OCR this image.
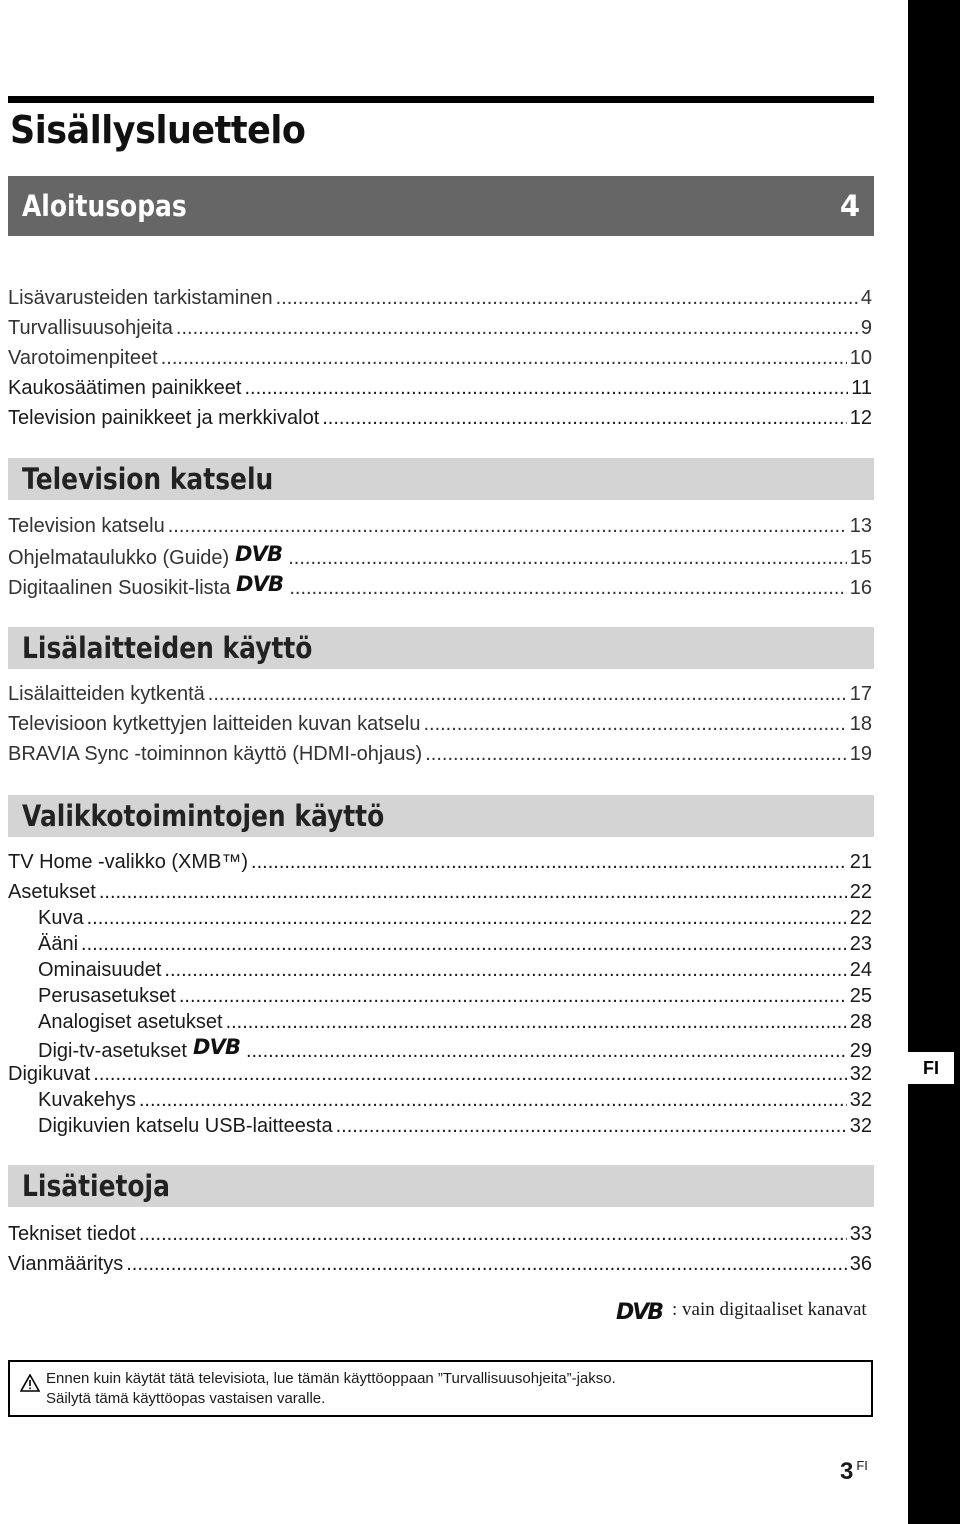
FI
Sisällysluettelo
Aloitusopas	4
Lisävarusteiden tarkistaminen .....	4
Turvallisuusohjeita .....	9
Varotoimenpiteet .....	10
Kaukosäätimen painikkeet .....	11
Television painikkeet ja merkkivalot .....	12
Television katselu
Television katselu .....	13
Ohjelmataulukko (Guide) DVB .....	15
Digitaalinen Suosikit-lista DVB .....	16
Lisälaitteiden käyttö
Lisälaitteiden kytkentä .....	17
Televisioon kytkettyjen laitteiden kuvan katselu .....	18
BRAVIA Sync -toiminnon käyttö (HDMI-ohjaus) .....	19
Valikkotoimintojen käyttö
TV Home -valikko (XMB™) .....	21
Asetukset .....	22
Kuva .....	22
Ääni .....	23
Ominaisuudet .....	24
Perusasetukset .....	25
Analogiset asetukset .....	28
Digi-tv-asetukset DVB .....	29
Digikuvat .....	32
Kuvakehys .....	32
Digikuvien katselu USB-laitteesta .....	32
Lisätietoja
Tekniset tiedot .....	33
Vianmääritys .....	36
DVB : vain digitaaliset kanavat
Ennen kuin käytät tätä televisiota, lue tämän käyttöoppaan ”Turvallisuusohjeita”-jakso.
Säilytä tämä käyttöopas vastaisen varalle.
3 $^{FI}$
